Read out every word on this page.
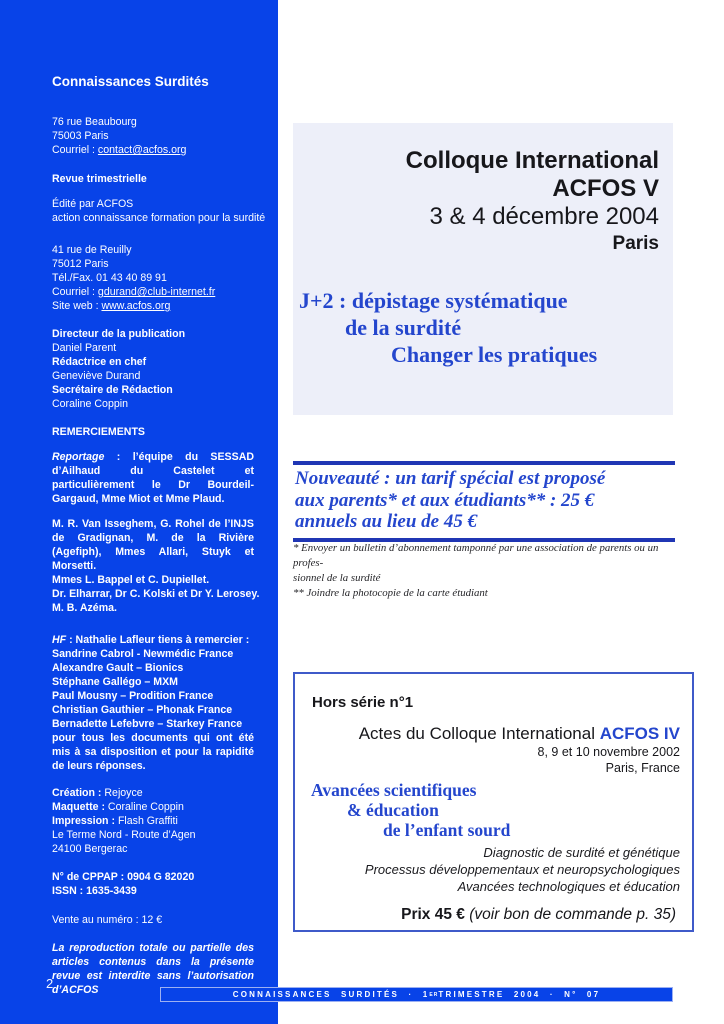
Connaissances Surdités
76 rue Beaubourg
75003 Paris
Courriel : contact@acfos.org
Revue trimestrielle
Édité par ACFOS
action connaissance formation pour la surdité
41 rue de Reuilly
75012 Paris
Tél./Fax. 01 43 40 89 91
Courriel : gdurand@club-internet.fr
Site web : www.acfos.org
Directeur de la publication
Daniel Parent
Rédactrice en chef
Geneviève Durand
Secrétaire de Rédaction
Coraline Coppin
REMERCIEMENTS
Reportage : l’équipe du SESSAD d’Ailhaud du Castelet et particulièrement le Dr Bourdeil-Gargaud, Mme Miot et Mme Plaud.
M. R. Van Isseghem, G. Rohel de l’INJS de Gradignan, M. de la Rivière (Agefiph), Mmes Allari, Stuyk et Morsetti.
Mmes L. Bappel et C. Dupiellet.
Dr. Elharrar, Dr C. Kolski et Dr Y. Lerosey.
M. B. Azéma.
HF : Nathalie Lafleur tiens à remercier :
Sandrine Cabrol - Newmédic France
Alexandre Gault – Bionics
Stéphane Gallégo – MXM
Paul Mousny – Prodition France
Christian Gauthier – Phonak France
Bernadette Lefebvre – Starkey France
pour tous les documents qui ont été mis à sa disposition et pour la rapidité de leurs réponses.
Création : Rejoyce
Maquette : Coraline Coppin
Impression : Flash Graffiti
Le Terme Nord - Route d’Agen
24100 Bergerac
N° de CPPAP : 0904 G 82020
ISSN : 1635-3439
Vente au numéro : 12 €
La reproduction totale ou partielle des articles contenus dans la présente revue est interdite sans l’autorisation d’ACFOS
2
Colloque International
ACFOS V
3 & 4 décembre 2004
Paris
J+2 : dépistage systématique
de la surdité
Changer les pratiques
Nouveauté : un tarif spécial est proposé
aux parents* et aux étudiants** : 25 €
annuels au lieu de 45 €
* Envoyer un bulletin d’abonnement tamponné par une association de parents ou un profes-
sionnel de la surdité
** Joindre la photocopie de la carte étudiant
Hors série n°1
Actes du Colloque International ACFOS IV
8, 9 et 10 novembre 2002
Paris, France
Avancées scientifiques
& éducation
de l’enfant sourd
Diagnostic de surdité et génétique
Processus développementaux et neuropsychologiques
Avancées technologiques et éducation
Prix 45 € (voir bon de commande p. 35)
CONNAISSANCES SURDITÉS · 1 ER TRIMESTRE 2004 · N° 07
